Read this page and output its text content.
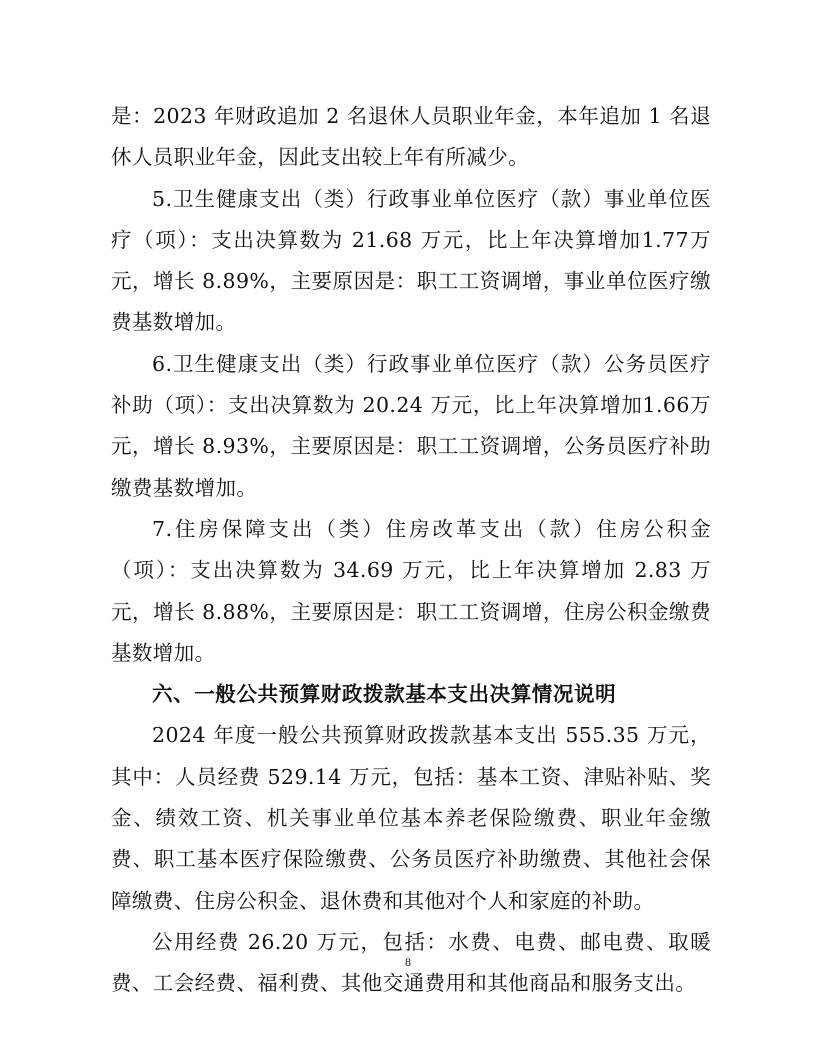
是：2023 年财政追加 2 名退休人员职业年金，本年追加 1 名退休人员职业年金，因此支出较上年有所减少。

5.卫生健康支出（类）行政事业单位医疗（款）事业单位医疗（项）：支出决算数为 21.68 万元，比上年决算增加1.77万元，增长 8.89%，主要原因是：职工工资调增，事业单位医疗缴费基数增加。

6.卫生健康支出（类）行政事业单位医疗（款）公务员医疗补助（项）：支出决算数为 20.24 万元，比上年决算增加1.66万元，增长 8.93%，主要原因是：职工工资调增，公务员医疗补助缴费基数增加。

7.住房保障支出（类）住房改革支出（款）住房公积金（项）：支出决算数为 34.69 万元，比上年决算增加 2.83 万元，增长 8.88%，主要原因是：职工工资调增，住房公积金缴费基数增加。

六、一般公共预算财政拨款基本支出决算情况说明

2024 年度一般公共预算财政拨款基本支出 555.35 万元，其中：人员经费 529.14 万元，包括：基本工资、津贴补贴、奖金、绩效工资、机关事业单位基本养老保险缴费、职业年金缴费、职工基本医疗保险缴费、公务员医疗补助缴费、其他社会保障缴费、住房公积金、退休费和其他对个人和家庭的补助。

公用经费 26.20 万元，包括：水费、电费、邮电费、取暖费、工会经费、福利费、其他交通费用和其他商品和服务支出。

8
